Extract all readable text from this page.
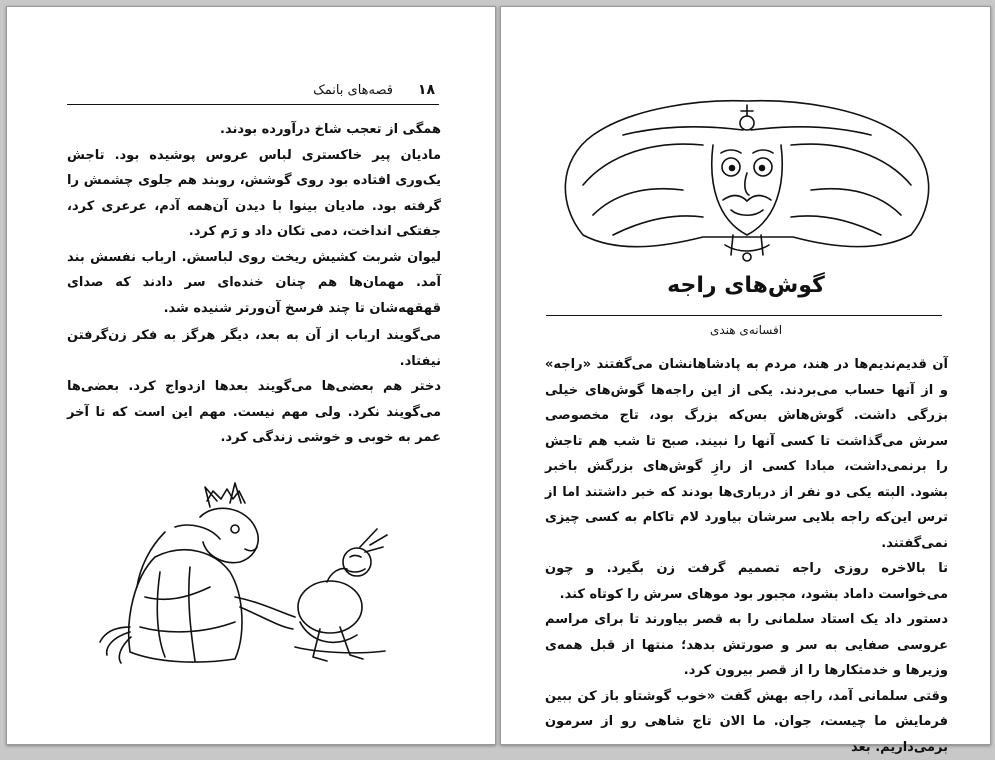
۱۸
قصه‌های بانمک

همگی از تعجب شاخ درآورده بودند.

مادیان پیر خاکستری لباس عروس پوشیده بود. تاجش یک‌وری افتاده بود روی گوشش، روبند هم جلوی چشمش را گرفته بود. مادیان بینوا با دیدن آن‌همه آدم، عرعری کرد، جفتکی انداخت، دمی تکان داد و رَم کرد.

لیوان شربت کشیش ریخت روی لباسش. ارباب نفسش بند آمد. مهمان‌ها هم چنان خنده‌ای سر دادند که صدای قهقهه‌شان تا چند فرسخ آن‌ورتر شنیده شد.

می‌گویند ارباب از آن به بعد، دیگر هرگز به فکر زن‌گرفتن نیفتاد.

دختر هم بعضی‌ها می‌گویند بعدها ازدواج کرد. بعضی‌ها می‌گویند نکرد. ولی مهم نیست. مهم این است که تا آخر عمر به خوبی و خوشی زندگی کرد.

گوش‌های راجه
افسانه‌ی هندی

آن قدیم‌ندیم‌ها در هند، مردم به پادشاهانشان می‌گفتند «راجه» و از آنها حساب می‌بردند. یکی از این راجه‌ها گوش‌های خیلی بزرگی داشت. گوش‌هاش بس‌که بزرگ بود، تاج مخصوصی سرش می‌گذاشت تا کسی آنها را نبیند. صبح تا شب هم تاجش را برنمی‌داشت، مبادا کسی از رازِ گوش‌های بزرگش باخبر بشود. البته یکی دو نفر از درباری‌ها بودند که خبر داشتند اما از ترس این‌که راجه بلایی سرشان بیاورد لام تاکام به کسی چیزی نمی‌گفتند.

تا بالاخره روزی راجه تصمیم گرفت زن بگیرد. و چون می‌خواست داماد بشود، مجبور بود موهای سرش را کوتاه کند.

دستور داد یک استاد سلمانی را به قصر بیاورند تا برای مراسم عروسی صفایی به سر و صورتش بدهد؛ منتها از قبل همه‌ی وزیرها و خدمتکارها را از قصر بیرون کرد.

وقتی سلمانی آمد، راجه بهش گفت «خوب گوشتاو باز کن ببین فرمایش ما چیست، جوان. ما الان تاج شاهی رو از سرمون برمی‌داریم. بعد
